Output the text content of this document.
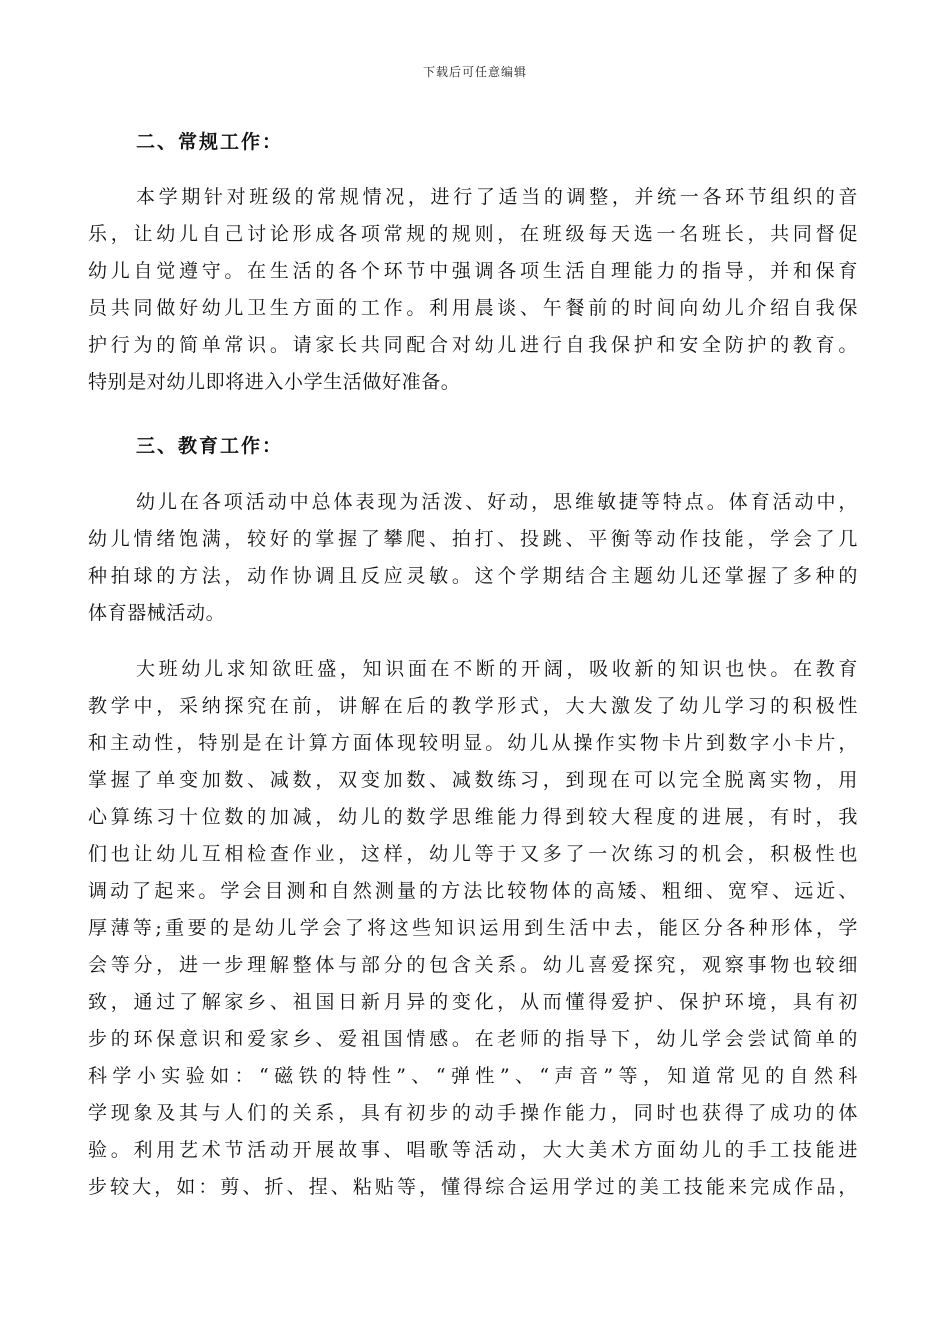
下载后可任意编辑
二、常规工作：
本学期针对班级的常规情况，进行了适当的调整，并统一各环节组织的音
乐，让幼儿自己讨论形成各项常规的规则，在班级每天选一名班长，共同督促
幼儿自觉遵守。在生活的各个环节中强调各项生活自理能力的指导，并和保育
员共同做好幼儿卫生方面的工作。利用晨谈、午餐前的时间向幼儿介绍自我保
护行为的简单常识。请家长共同配合对幼儿进行自我保护和安全防护的教育。
特别是对幼儿即将进入小学生活做好准备。
三、教育工作：
幼儿在各项活动中总体表现为活泼、好动，思维敏捷等特点。体育活动中，
幼儿情绪饱满，较好的掌握了攀爬、拍打、投跳、平衡等动作技能，学会了几
种拍球的方法，动作协调且反应灵敏。这个学期结合主题幼儿还掌握了多种的
体育器械活动。
大班幼儿求知欲旺盛，知识面在不断的开阔，吸收新的知识也快。在教育
教学中，采纳探究在前，讲解在后的教学形式，大大激发了幼儿学习的积极性
和主动性，特别是在计算方面体现较明显。幼儿从操作实物卡片到数字小卡片，
掌握了单变加数、减数，双变加数、减数练习，到现在可以完全脱离实物，用
心算练习十位数的加减，幼儿的数学思维能力得到较大程度的进展，有时，我
们也让幼儿互相检查作业，这样，幼儿等于又多了一次练习的机会，积极性也
调动了起来。学会目测和自然测量的方法比较物体的高矮、粗细、宽窄、远近、
厚薄等;重要的是幼儿学会了将这些知识运用到生活中去，能区分各种形体，学
会等分，进一步理解整体与部分的包含关系。幼儿喜爱探究，观察事物也较细
致，通过了解家乡、祖国日新月异的变化，从而懂得爱护、保护环境，具有初
步的环保意识和爱家乡、爱祖国情感。在老师的指导下，幼儿学会尝试简单的
科学小实验如：“磁铁的特性”、“弹性”、“声音”等，知道常见的自然科
学现象及其与人们的关系，具有初步的动手操作能力，同时也获得了成功的体
验。利用艺术节活动开展故事、唱歌等活动，大大美术方面幼儿的手工技能进
步较大，如：剪、折、捏、粘贴等，懂得综合运用学过的美工技能来完成作品，
